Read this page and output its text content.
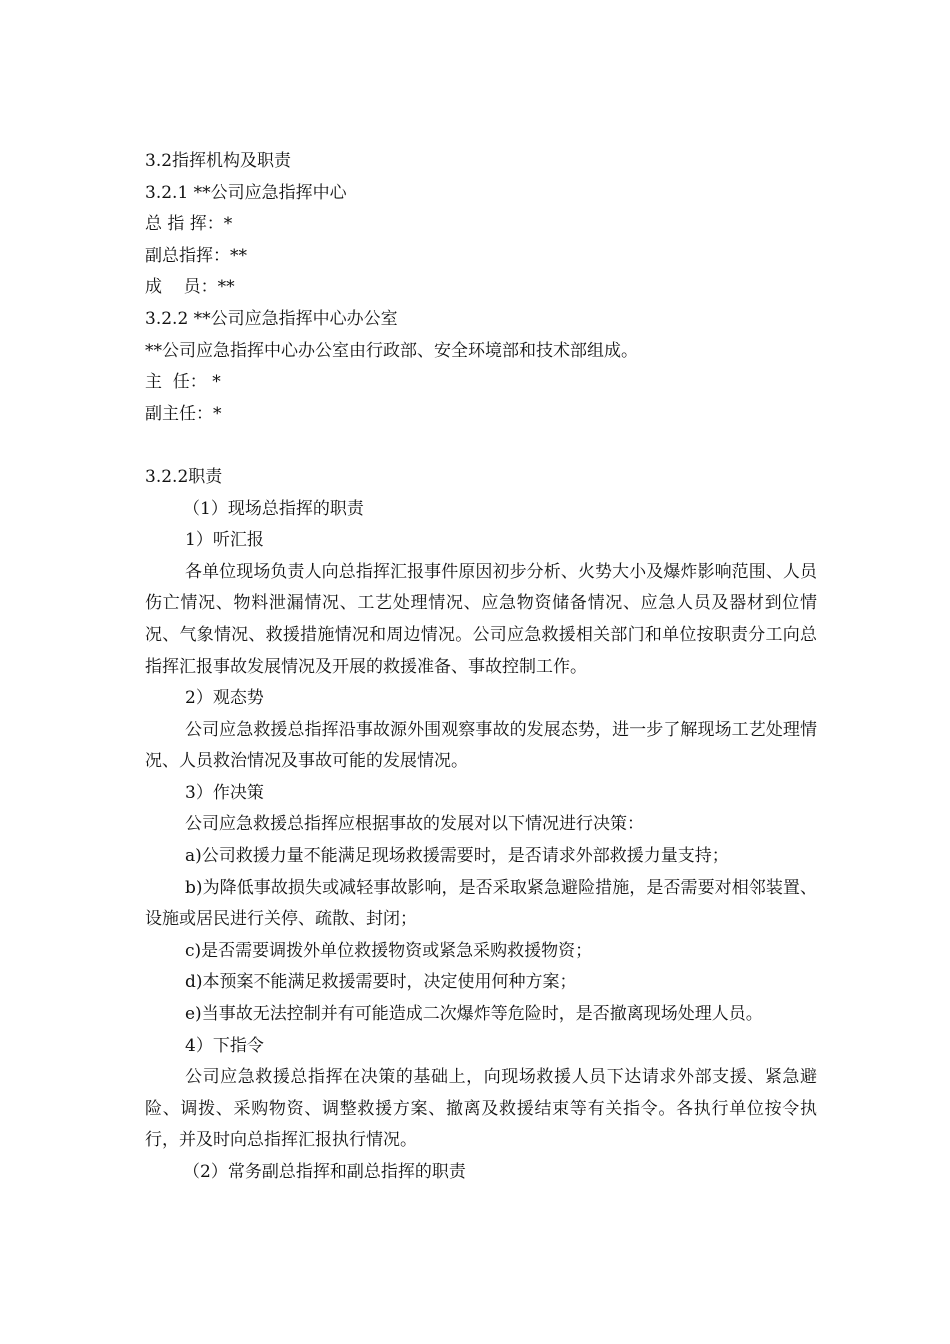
3.2指挥机构及职责

3.2.1 **公司应急指挥中心

总 指 挥：*

副总指挥：**

成    员：**

3.2.2 **公司应急指挥中心办公室

**公司应急指挥中心办公室由行政部、安全环境部和技术部组成。

主  任： *

副主任：*

3.2.2职责

（1）现场总指挥的职责

1）听汇报

各单位现场负责人向总指挥汇报事件原因初步分析、火势大小及爆炸影响范围、人员伤亡情况、物料泄漏情况、工艺处理情况、应急物资储备情况、应急人员及器材到位情况、气象情况、救援措施情况和周边情况。公司应急救援相关部门和单位按职责分工向总指挥汇报事故发展情况及开展的救援准备、事故控制工作。

2）观态势

公司应急救援总指挥沿事故源外围观察事故的发展态势，进一步了解现场工艺处理情况、人员救治情况及事故可能的发展情况。

3）作决策

公司应急救援总指挥应根据事故的发展对以下情况进行决策：

a)公司救援力量不能满足现场救援需要时，是否请求外部救援力量支持；

b)为降低事故损失或减轻事故影响，是否采取紧急避险措施，是否需要对相邻装置、设施或居民进行关停、疏散、封闭；

c)是否需要调拨外单位救援物资或紧急采购救援物资；

d)本预案不能满足救援需要时，决定使用何种方案；

e)当事故无法控制并有可能造成二次爆炸等危险时，是否撤离现场处理人员。

4）下指令

公司应急救援总指挥在决策的基础上，向现场救援人员下达请求外部支援、紧急避险、调拨、采购物资、调整救援方案、撤离及救援结束等有关指令。各执行单位按令执行，并及时向总指挥汇报执行情况。

（2）常务副总指挥和副总指挥的职责
